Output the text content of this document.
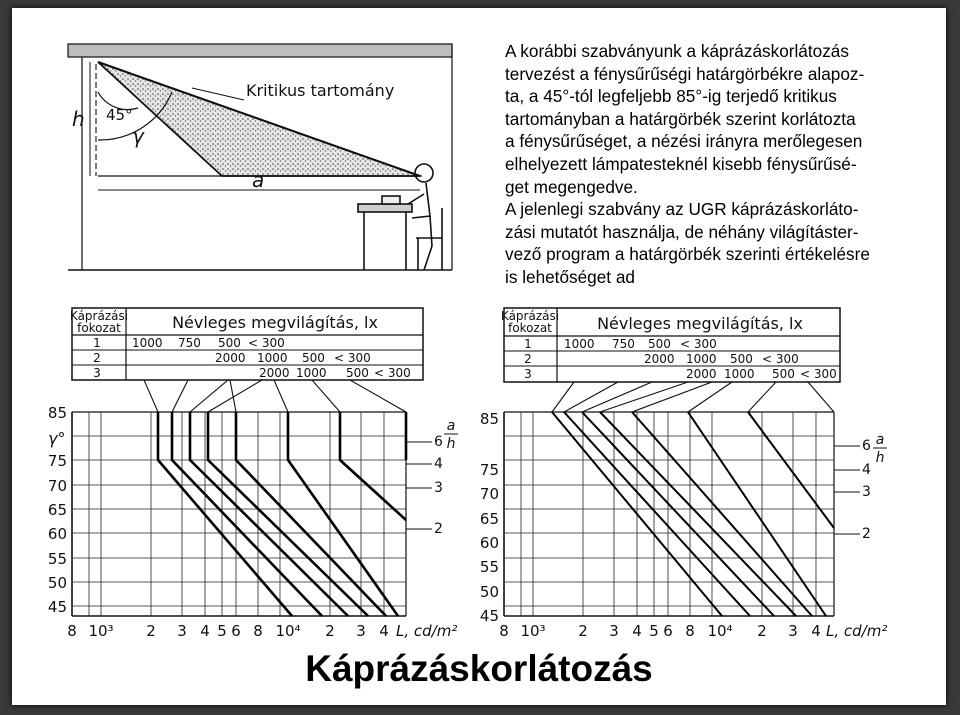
h
a
45°
γ
Kritikus tartomány
Káprázási
fokozat	Névleges megvilágítás, lx
1
2
3
1000 750 500 < 300
2000 1000 500 < 300
2000 1000 500 < 300
85
75
70
65
60
55
50
45
γ°
8 10³ 2 3 4 5 6 8 10⁴ 2 3 4 L, cd/m²
a
h
6
4
3
2
Káprázási
fokozat	Névleges megvilágítás, lx
1
2
3
1000 750 500 < 300
2000 1000 500 < 300
2000 1000 500 < 300
85
75
70
65
60
55
50
45
8 10³ 2 3 4 5 6 8 10⁴ 2 3 4 L, cd/m²
a
h
6
4
3
2

A korábbi szabványunk a káprázáskorlátozás
tervezést a fénysűrűségi határgörbékre alapoz-
ta, a 45°-tól legfeljebb 85°-ig terjedő kritikus
tartományban a határgörbék szerint korlátozta
a fénysűrűséget, a nézési irányra merőlegesen
elhelyezett lámpatesteknél kisebb fénysűrűsé-
get megengedve.

A jelenlegi szabvány az UGR káprázáskorláto-
zási mutatót használja, de néhány világításter-
vező program a határgörbék szerinti értékelésre
is lehetőséget ad

Káprázáskorlátozás
